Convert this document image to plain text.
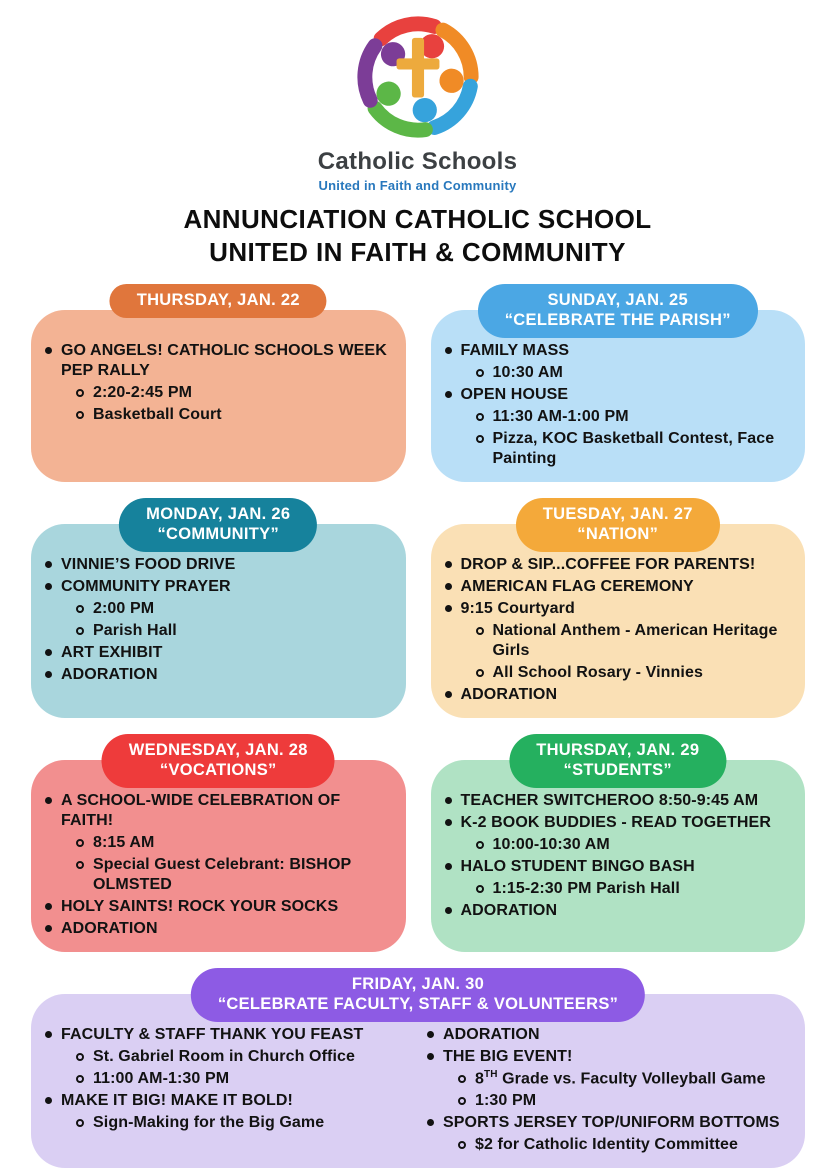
Catholic Schools
United in Faith and Community
ANNUNCIATION CATHOLIC SCHOOL
UNITED IN FAITH & COMMUNITY
THURSDAY, JAN. 22
GO ANGELS! CATHOLIC SCHOOLS WEEK PEP RALLY
2:20-2:45 PM
Basketball Court
SUNDAY, JAN. 25
“CELEBRATE THE PARISH”
FAMILY MASS
10:30 AM
OPEN HOUSE
11:30 AM-1:00 PM
Pizza, KOC Basketball Contest, Face Painting
MONDAY, JAN. 26
“COMMUNITY”
VINNIE’S FOOD DRIVE
COMMUNITY PRAYER
2:00 PM
Parish Hall
ART EXHIBIT
ADORATION
TUESDAY, JAN. 27
“NATION”
DROP & SIP...COFFEE FOR PARENTS!
AMERICAN FLAG CEREMONY
9:15 Courtyard
National Anthem - American Heritage Girls
All School Rosary - Vinnies
ADORATION
WEDNESDAY, JAN. 28
“VOCATIONS”
A SCHOOL-WIDE CELEBRATION OF FAITH!
8:15 AM
Special Guest Celebrant: BISHOP OLMSTED
HOLY SAINTS! ROCK YOUR SOCKS
ADORATION
THURSDAY, JAN. 29
“STUDENTS”
TEACHER SWITCHEROO 8:50-9:45 AM
K-2 BOOK BUDDIES - READ TOGETHER
10:00-10:30 AM
HALO STUDENT BINGO BASH
1:15-2:30 PM Parish Hall
ADORATION
FRIDAY, JAN. 30
“CELEBRATE FACULTY, STAFF & VOLUNTEERS”
FACULTY & STAFF THANK YOU FEAST
St. Gabriel Room in Church Office
11:00 AM-1:30 PM
MAKE IT BIG! MAKE IT BOLD!
Sign-Making for the Big Game
ADORATION
THE BIG EVENT!
8TH Grade vs. Faculty Volleyball Game
1:30 PM
SPORTS JERSEY TOP/UNIFORM BOTTOMS
$2 for Catholic Identity Committee
